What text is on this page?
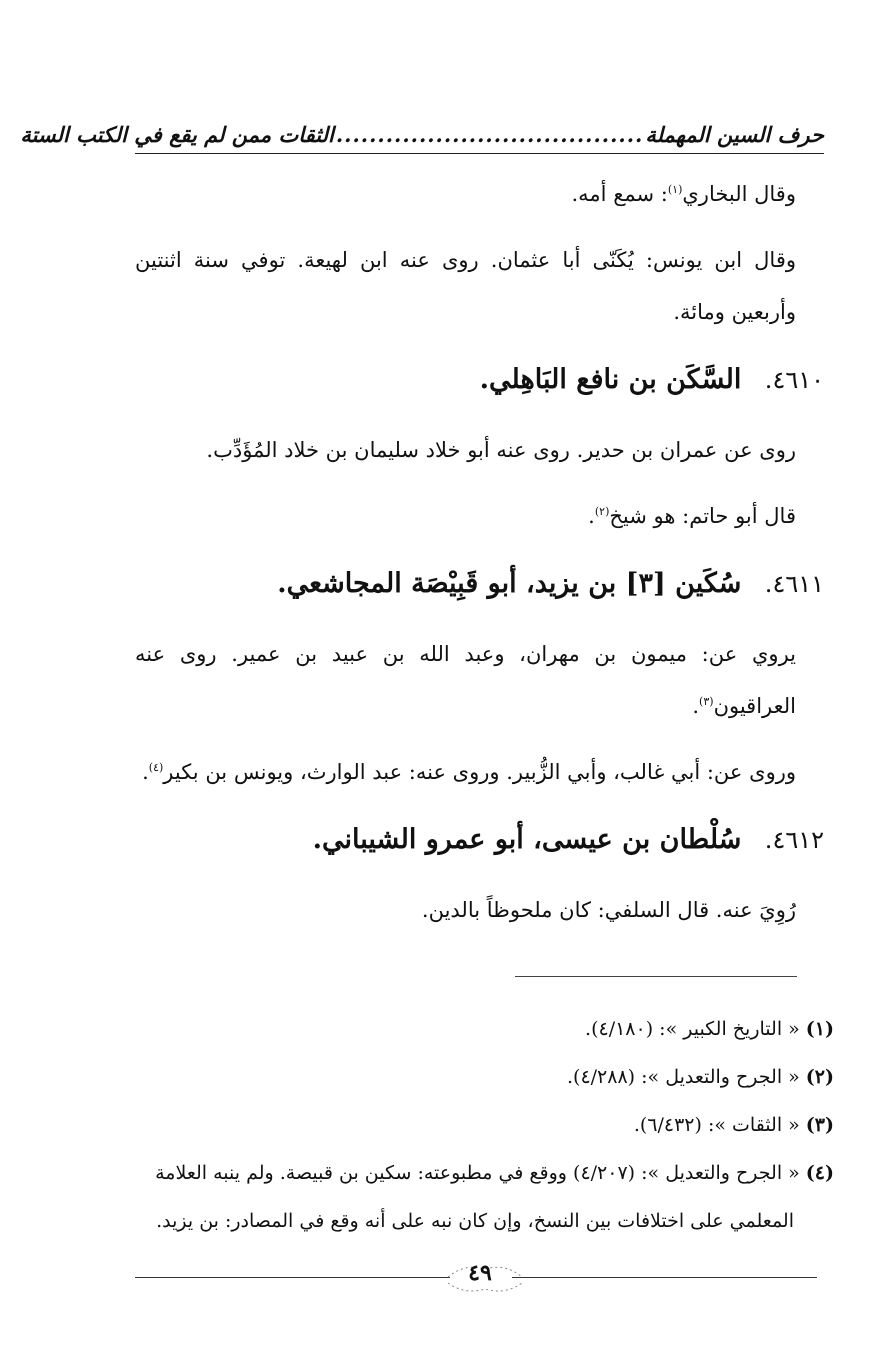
حرف السين المهملة
.....................................
الثقات ممن لم يقع في الكتب الستة

وقال البخاري$^{(١)}$: سمع أمه.

وقال ابن يونس: يُكَنّى أبا عثمان. روى عنه ابن لهيعة. توفي سنة اثنتين وأربعين ومائة.

٤٦١٠. السَّكَن بن نافع البَاهِلي.

روى عن عمران بن حدير. روى عنه أبو خلاد سليمان بن خلاد المُؤَدِّب.

قال أبو حاتم: هو شيخ$^{(٢)}$.

٤٦١١. سُكَين [٣] بن يزيد، أبو قَبِيْصَة المجاشعي.

يروي عن: ميمون بن مهران، وعبد الله بن عبيد بن عمير. روى عنه العراقيون$^{(٣)}$.

وروى عن: أبي غالب، وأبي الزُّبير. وروى عنه: عبد الوارث، ويونس بن بكير$^{(٤)}$.

٤٦١٢. سُلْطان بن عيسى، أبو عمرو الشيباني.

رُوِيَ عنه. قال السلفي: كان ملحوظاً بالدين.

(١)« التاريخ الكبير »: (٤/١٨٠).

(٢)« الجرح والتعديل »: (٤/٢٨٨).

(٣)« الثقات »: (٦/٤٣٢).

(٤)« الجرح والتعديل »: (٤/٢٠٧) ووقع في مطبوعته: سكين بن قبيصة. ولم ينبه العلامة

المعلمي على اختلافات بين النسخ، وإن كان نبه على أنه وقع في المصادر: بن يزيد.

٤٩
